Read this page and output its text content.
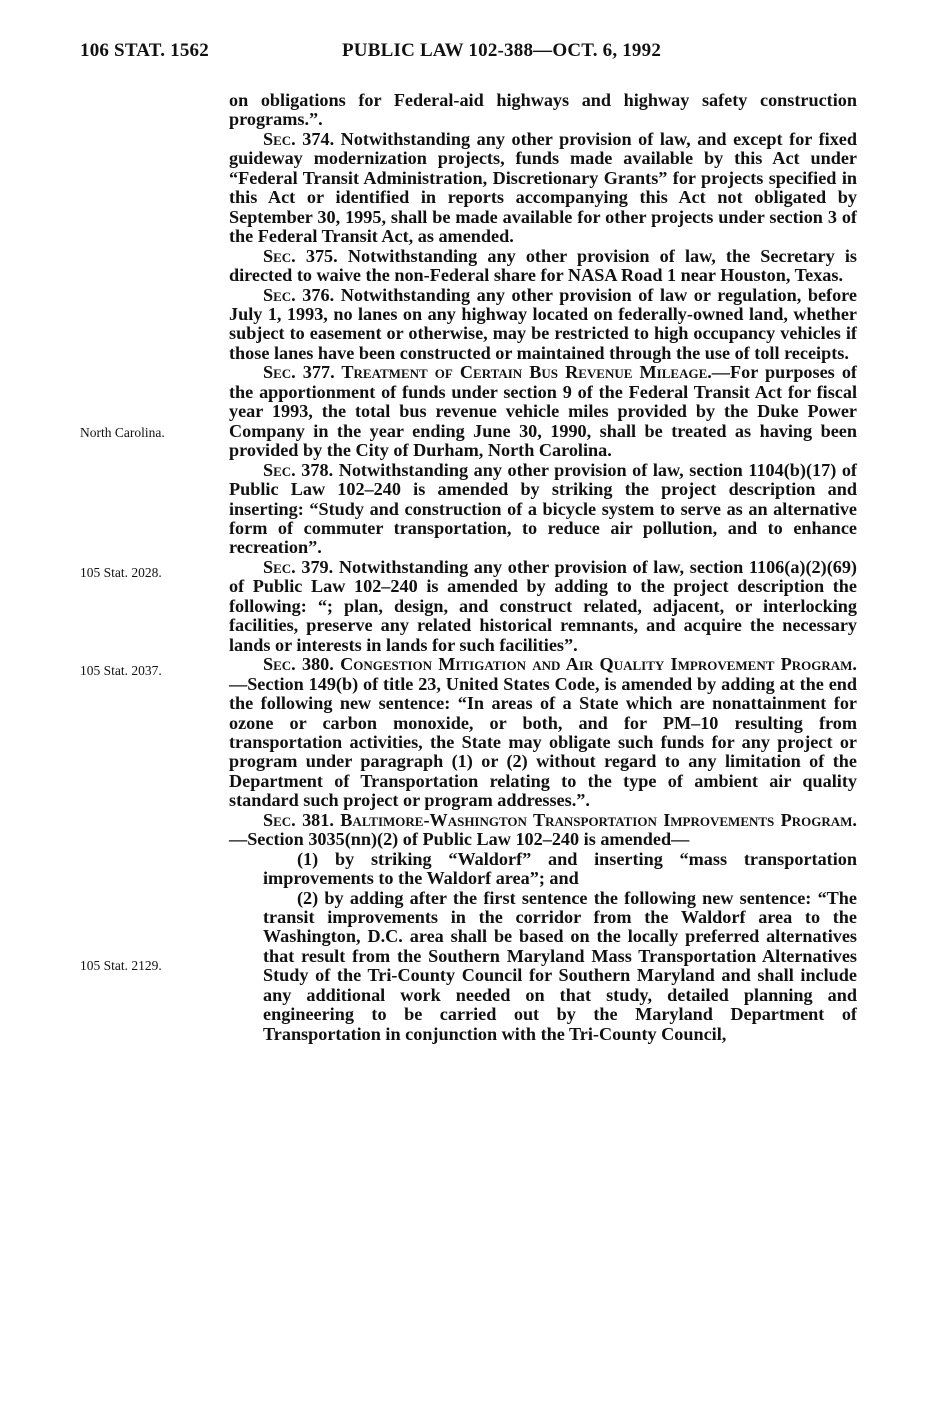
106 STAT. 1562	PUBLIC LAW 102-388—OCT. 6, 1992
North Carolina.
105 Stat. 2028.
105 Stat. 2037.
105 Stat. 2129.

on obligations for Federal-aid highways and highway safety construction programs.”.

Sec. 374. Notwithstanding any other provision of law, and except for fixed guideway modernization projects, funds made available by this Act under “Federal Transit Administration, Discretionary Grants” for projects specified in this Act or identified in reports accompanying this Act not obligated by September 30, 1995, shall be made available for other projects under section 3 of the Federal Transit Act, as amended.

Sec. 375. Notwithstanding any other provision of law, the Secretary is directed to waive the non-Federal share for NASA Road 1 near Houston, Texas.

Sec. 376. Notwithstanding any other provision of law or regulation, before July 1, 1993, no lanes on any highway located on federally-owned land, whether subject to easement or otherwise, may be restricted to high occupancy vehicles if those lanes have been constructed or maintained through the use of toll receipts.

Sec. 377. Treatment of Certain Bus Revenue Mileage.—For purposes of the apportionment of funds under section 9 of the Federal Transit Act for fiscal year 1993, the total bus revenue vehicle miles provided by the Duke Power Company in the year ending June 30, 1990, shall be treated as having been provided by the City of Durham, North Carolina.

Sec. 378. Notwithstanding any other provision of law, section 1104(b)(17) of Public Law 102–240 is amended by striking the project description and inserting: “Study and construction of a bicycle system to serve as an alternative form of commuter transportation, to reduce air pollution, and to enhance recreation”.

Sec. 379. Notwithstanding any other provision of law, section 1106(a)(2)(69) of Public Law 102–240 is amended by adding to the project description the following: “; plan, design, and construct related, adjacent, or interlocking facilities, preserve any related historical remnants, and acquire the necessary lands or interests in lands for such facilities”.

Sec. 380. Congestion Mitigation and Air Quality Improvement Program.—Section 149(b) of title 23, United States Code, is amended by adding at the end the following new sentence: “In areas of a State which are nonattainment for ozone or carbon monoxide, or both, and for PM–10 resulting from transportation activities, the State may obligate such funds for any project or program under paragraph (1) or (2) without regard to any limitation of the Department of Transportation relating to the type of ambient air quality standard such project or program addresses.”.

Sec. 381. Baltimore-Washington Transportation Improvements Program.—Section 3035(nn)(2) of Public Law 102–240 is amended—

(1) by striking “Waldorf” and inserting “mass transportation improvements to the Waldorf area”; and

(2) by adding after the first sentence the following new sentence: “The transit improvements in the corridor from the Waldorf area to the Washington, D.C. area shall be based on the locally preferred alternatives that result from the Southern Maryland Mass Transportation Alternatives Study of the Tri-County Council for Southern Maryland and shall include any additional work needed on that study, detailed planning and engineering to be carried out by the Maryland Department of Transportation in conjunction with the Tri-County Council,
